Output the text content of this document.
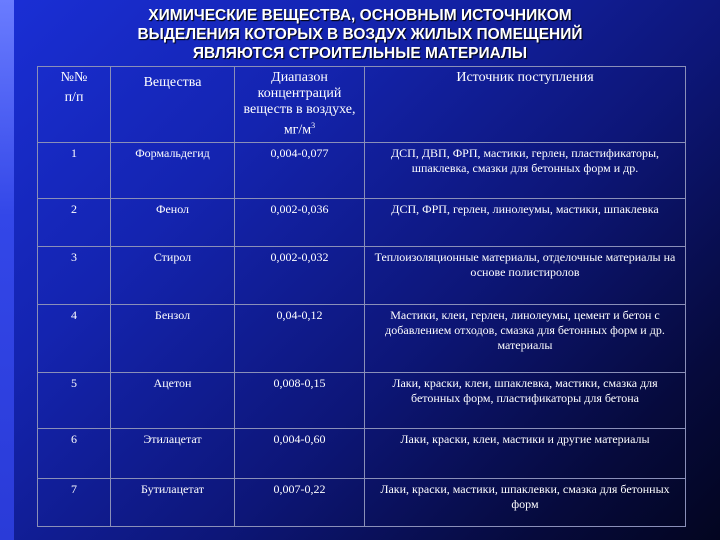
ХИМИЧЕСКИЕ ВЕЩЕСТВА, ОСНОВНЫМ ИСТОЧНИКОМ
ВЫДЕЛЕНИЯ КОТОРЫХ В ВОЗДУХ ЖИЛЫХ ПОМЕЩЕНИЙ
ЯВЛЯЮТСЯ СТРОИТЕЛЬНЫЕ МАТЕРИАЛЫ
№№
п/п	Вещества	Диапазон концентраций веществ в воздухе, $мг/м^3$	Источник поступления
1	Формальдегид	0,004-0,077	ДСП, ДВП, ФРП, мастики, герлен, пластификаторы, шпаклевка, смазки для бетонных форм и др.
2	Фенол	0,002-0,036	ДСП, ФРП, герлен, линолеумы, мастики, шпаклевка
3	Стирол	0,002-0,032	Теплоизоляционные материалы, отделочные материалы на основе полистиролов
4	Бензол	0,04-0,12	Мастики, клеи, герлен, линолеумы, цемент и бетон с добавлением отходов, смазка для бетонных форм и др. материалы
5	Ацетон	0,008-0,15	Лаки, краски, клеи, шпаклевка, мастики, смазка для бетонных форм, пластификаторы для бетона
6	Этилацетат	0,004-0,60	Лаки, краски, клеи, мастики и другие материалы
7	Бутилацетат	0,007-0,22	Лаки, краски, мастики, шпаклевки, смазка для бетонных форм
